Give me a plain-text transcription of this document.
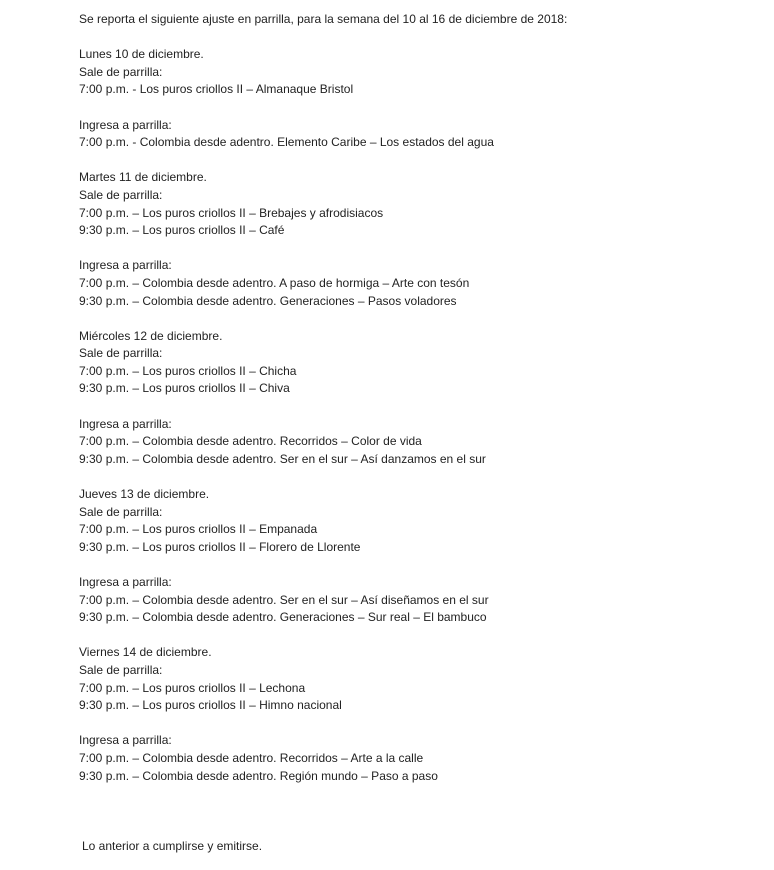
Se reporta el siguiente ajuste en parrilla, para la semana del 10 al 16 de diciembre de 2018:

Lunes 10 de diciembre.
Sale de parrilla:
7:00 p.m. - Los puros criollos II – Almanaque Bristol
Ingresa a parrilla:
7:00 p.m. - Colombia desde adentro. Elemento Caribe – Los estados del agua
Martes 11 de diciembre.
Sale de parrilla:
7:00 p.m. – Los puros criollos II – Brebajes y afrodisiacos
9:30 p.m. – Los puros criollos II – Café
Ingresa a parrilla:
7:00 p.m. – Colombia desde adentro. A paso de hormiga – Arte con tesón
9:30 p.m. – Colombia desde adentro. Generaciones – Pasos voladores
Miércoles 12 de diciembre.
Sale de parrilla:
7:00 p.m. – Los puros criollos II – Chicha
9:30 p.m. – Los puros criollos II – Chiva
Ingresa a parrilla:
7:00 p.m. – Colombia desde adentro. Recorridos – Color de vida
9:30 p.m. – Colombia desde adentro. Ser en el sur – Así danzamos en el sur
Jueves 13 de diciembre.
Sale de parrilla:
7:00 p.m. – Los puros criollos II – Empanada
9:30 p.m. – Los puros criollos II – Florero de Llorente
Ingresa a parrilla:
7:00 p.m. – Colombia desde adentro. Ser en el sur – Así diseñamos en el sur
9:30 p.m. – Colombia desde adentro. Generaciones – Sur real – El bambuco
Viernes 14 de diciembre.
Sale de parrilla:
7:00 p.m. – Los puros criollos II – Lechona
9:30 p.m. – Los puros criollos II – Himno nacional
Ingresa a parrilla:
7:00 p.m. – Colombia desde adentro. Recorridos – Arte a la calle
9:30 p.m. – Colombia desde adentro. Región mundo – Paso a paso
Lo anterior a cumplirse y emitirse.
